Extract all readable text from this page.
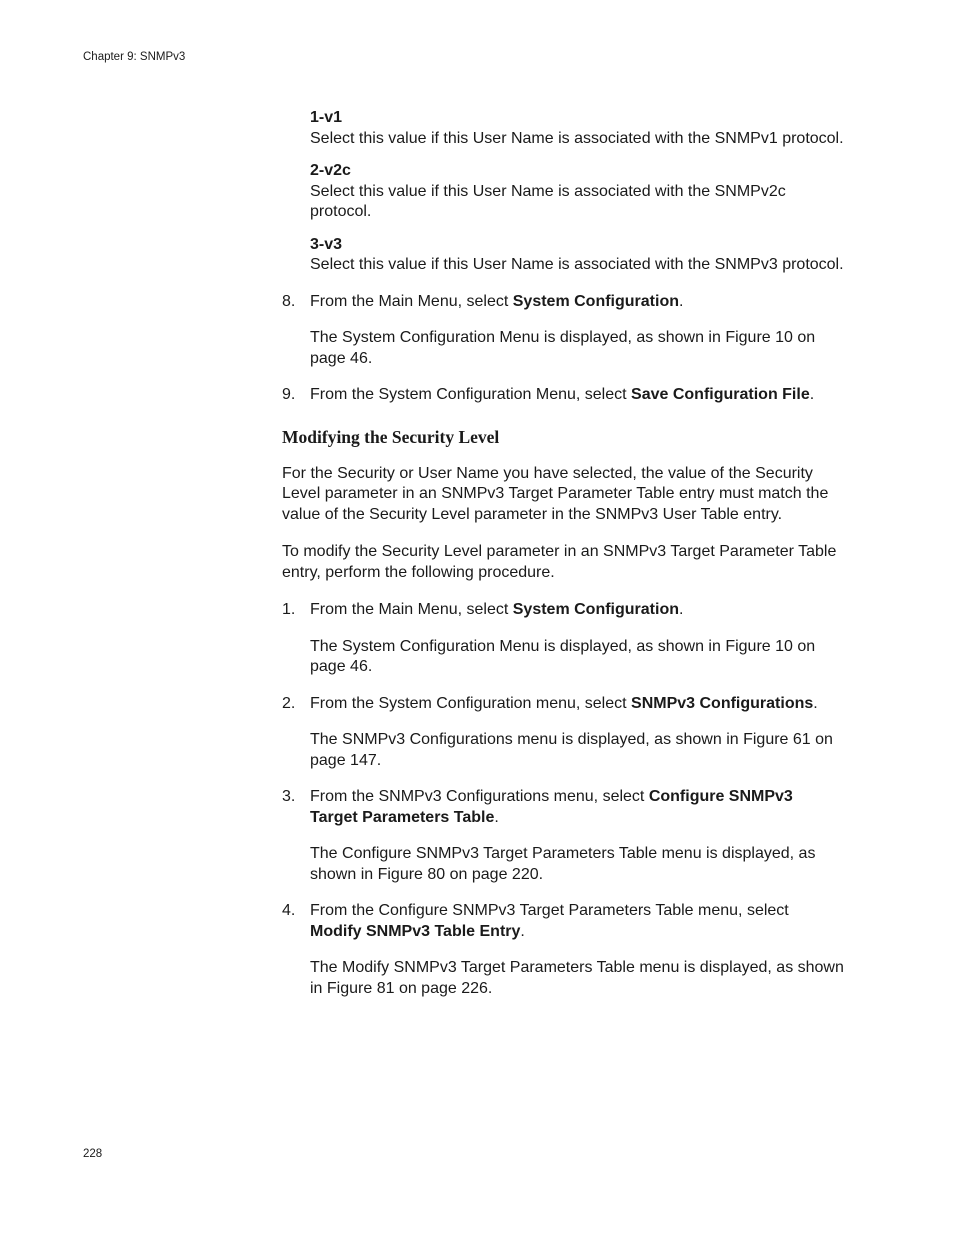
Chapter 9: SNMPv3
1-v1
Select this value if this User Name is associated with the SNMPv1 protocol.
2-v2c
Select this value if this User Name is associated with the SNMPv2c protocol.
3-v3
Select this value if this User Name is associated with the SNMPv3 protocol.
8. From the Main Menu, select System Configuration.
The System Configuration Menu is displayed, as shown in Figure 10 on page 46.
9. From the System Configuration Menu, select Save Configuration File.
Modifying the Security Level
For the Security or User Name you have selected, the value of the Security Level parameter in an SNMPv3 Target Parameter Table entry must match the value of the Security Level parameter in the SNMPv3 User Table entry.
To modify the Security Level parameter in an SNMPv3 Target Parameter Table entry, perform the following procedure.
1. From the Main Menu, select System Configuration.
The System Configuration Menu is displayed, as shown in Figure 10 on page 46.
2. From the System Configuration menu, select SNMPv3 Configurations.
The SNMPv3 Configurations menu is displayed, as shown in Figure 61 on page 147.
3. From the SNMPv3 Configurations menu, select Configure SNMPv3 Target Parameters Table.
The Configure SNMPv3 Target Parameters Table menu is displayed, as shown in Figure 80 on page 220.
4. From the Configure SNMPv3 Target Parameters Table menu, select Modify SNMPv3 Table Entry.
The Modify SNMPv3 Target Parameters Table menu is displayed, as shown in Figure 81 on page 226.
228
